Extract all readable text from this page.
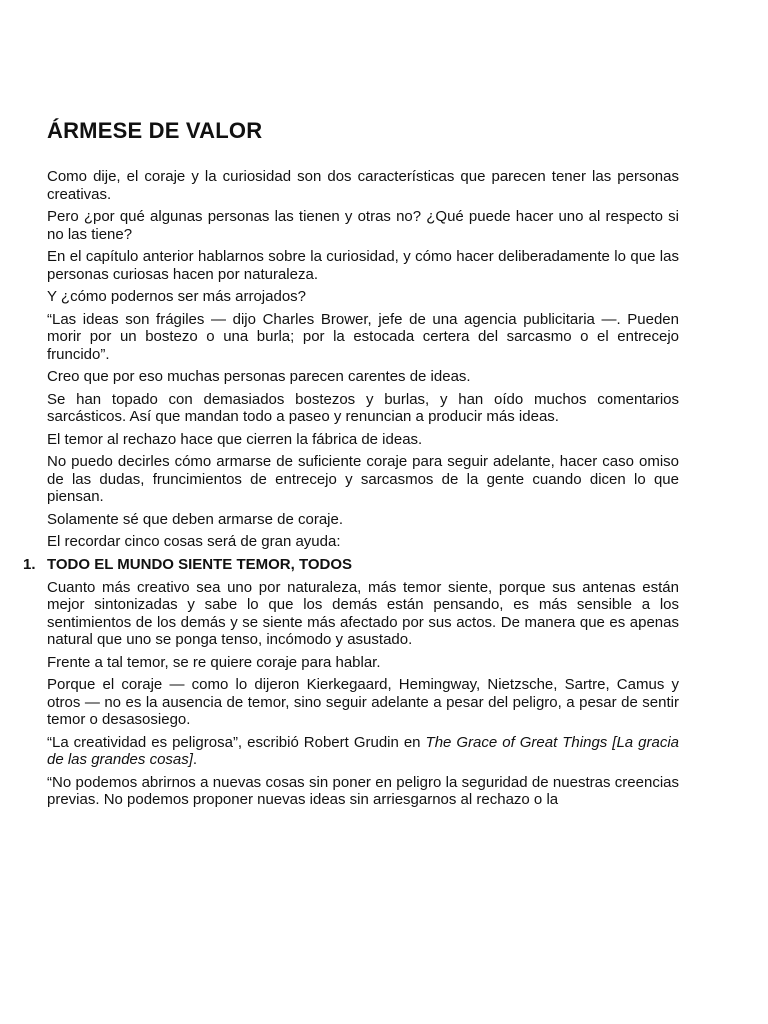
ÁRMESE DE VALOR

Como dije, el coraje y la curiosidad son dos características que parecen tener las personas creativas.

Pero ¿por qué algunas personas las tienen y otras no? ¿Qué puede hacer uno al respecto si no las tiene?

En el capítulo anterior hablarnos sobre la curiosidad, y cómo hacer deliberadamente lo que las personas curiosas hacen por naturaleza.

Y ¿cómo podernos ser más arrojados?

“Las ideas son frágiles — dijo Charles Brower, jefe de una agencia publicitaria —. Pueden morir por un bostezo o una burla; por la estocada certera del sarcasmo o el entrecejo fruncido”.

Creo que por eso muchas personas parecen carentes de ideas.

Se han topado con demasiados bostezos y burlas, y han oído muchos comentarios sarcásticos. Así que mandan todo a paseo y renuncian a producir más ideas.

El temor al rechazo hace que cierren la fábrica de ideas.

No puedo decirles cómo armarse de suficiente coraje para seguir adelante, hacer caso omiso de las dudas, fruncimientos de entrecejo y sarcasmos de la gente cuando dicen lo que piensan.

Solamente sé que deben armarse de coraje.

El recordar cinco cosas será de gran ayuda:

1. TODO EL MUNDO SIENTE TEMOR, TODOS

Cuanto más creativo sea uno por naturaleza, más temor siente, porque sus antenas están mejor sintonizadas y sabe lo que los demás están pensando, es más sensible a los sentimientos de los demás y se siente más afectado por sus actos. De manera que es apenas natural que uno se ponga tenso, incómodo y asustado.

Frente a tal temor, se re quiere coraje para hablar.

Porque el coraje — como lo dijeron Kierkegaard, Hemingway, Nietzsche, Sartre, Camus y otros — no es la ausencia de temor, sino seguir adelante a pesar del peligro, a pesar de sentir temor o desasosiego.

“La creatividad es peligrosa”, escribió Robert Grudin en The Grace of Great Things [La gracia de las grandes cosas].

“No podemos abrirnos a nuevas cosas sin poner en peligro la seguridad de nuestras creencias previas. No podemos proponer nuevas ideas sin arriesgarnos al rechazo o la
